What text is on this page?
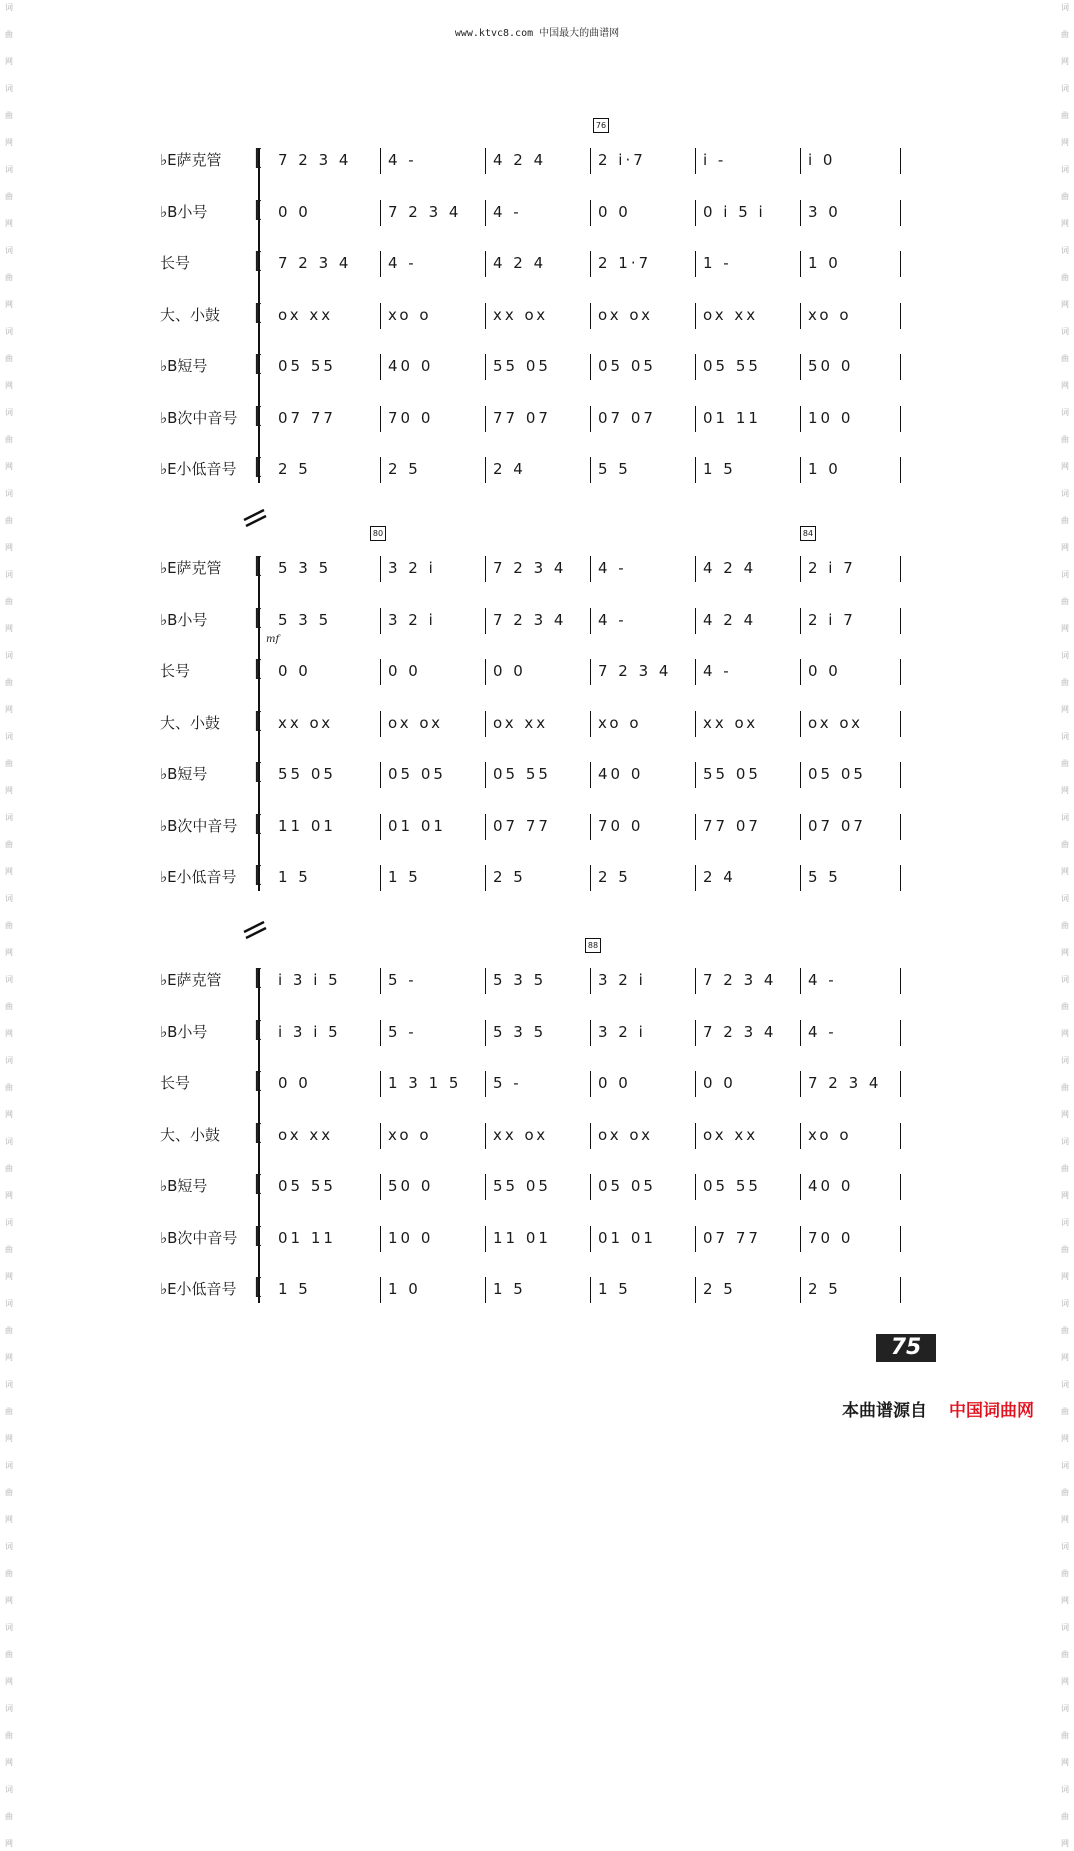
www.ktvc8.com 中国最大的曲谱网
词
曲
网
词
曲
网
词
曲
网
词
曲
网
词
曲
网
词
曲
网
词
曲
网
词
曲
网
词
曲
网
词
曲
网
词
曲
网
词
曲
网
词
曲
网
词
曲
网
词
曲
网
词
曲
网
词
曲
网
词
曲
网
词
曲
网
词
曲
网
词
曲
网
词
曲
网
词
曲
网
词
曲
网
词
曲
网
词
曲
网
词
曲
网
词
曲
网
词
曲
网
词
曲
网
词
曲
网
词
曲
网
词
曲
网
词
曲
网
词
曲
网
词
曲
网
词
曲
网
词
曲
网
词
曲
网
词
曲
网
词
曲
网
词
曲
网
词
曲
网
词
曲
网
词
曲
网
词
曲
网
76
♭E萨克管	[	7 2 3 4	4 -	4 2 4	2 i·7	i -	i 0
♭B小号	[	0 0	7 2 3 4	4 -	0 0	0 i 5 i	3 0
长号	[	7 2 3 4	4 -	4 2 4	2 1·7	1 -	1 0
大、小鼓	[	ox xx	xo o	xx ox	ox ox	ox xx	xo o
♭B短号	[	05 55	40 0	55 05	05 05	05 55	50 0
♭B次中音号 [	07 77	70 0	77 07	07 07	01 11	10 0
♭E小低音号 [	2 5	2 5	2 4	5 5	1 5	1 0
80	84
♭E萨克管	[	5 3 5	3 2 i	7 2 3 4	4 -	4 2 4	2 i 7
♭B小号	[	5 3 5	3 2 i	7 2 3 4	4 -	4 2 4	2 i 7
长号	[	0 0	0 0	0 0	7 2 3 4	4 -	0 0
大、小鼓	[	xx ox	ox ox	ox xx	xo o	xx ox	ox ox
♭B短号	[	55 05	05 05	05 55	40 0	55 05	05 05
♭B次中音号 [	11 01	01 01	07 77	70 0	77 07	07 07
♭E小低音号 [	1 5	1 5	2 5	2 5	2 4	5 5
mf
88
♭E萨克管	[	i 3 i 5	5 -	5 3 5	3 2 i	7 2 3 4	4 -
♭B小号	[	i 3 i 5	5 -	5 3 5	3 2 i	7 2 3 4	4 -
长号	[	0 0	1 3 1 5	5 -	0 0	0 0	7 2 3 4
大、小鼓	[	ox xx	xo o	xx ox	ox ox	ox xx	xo o
♭B短号	[	05 55	50 0	55 05	05 05	05 55	40 0
♭B次中音号 [	01 11	10 0	11 01	01 01	07 77	70 0
♭E小低音号 [	1 5	1 0	1 5	1 5	2 5	2 5
75
本曲谱源自 中国词曲网
